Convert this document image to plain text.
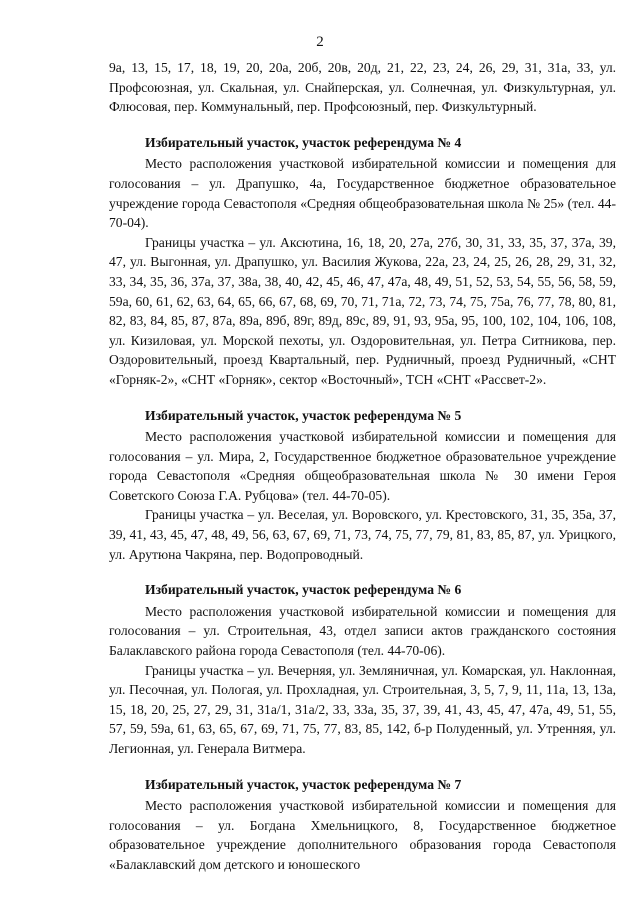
2

9а, 13, 15, 17, 18, 19, 20, 20а, 20б, 20в, 20д, 21, 22, 23, 24, 26, 29, 31, 31а, 33, ул. Профсоюзная, ул. Скальная, ул. Снайперская, ул. Солнечная, ул. Физкультурная, ул. Флюсовая, пер. Коммунальный, пер. Профсоюзный, пер. Физкультурный.

Избирательный участок, участок референдума № 4

Место расположения участковой избирательной комиссии и помещения для голосования – ул. Драпушко, 4а, Государственное бюджетное образовательное учреждение города Севастополя «Средняя общеобразовательная школа № 25» (тел. 44-70-04).

Границы участка – ул. Аксютина, 16, 18, 20, 27а, 27б, 30, 31, 33, 35, 37, 37а, 39, 47, ул. Выгонная, ул. Драпушко, ул. Василия Жукова, 22а, 23, 24, 25, 26, 28, 29, 31, 32, 33, 34, 35, 36, 37а, 37, 38а, 38, 40, 42, 45, 46, 47, 47а, 48, 49, 51, 52, 53, 54, 55, 56, 58, 59, 59а, 60, 61, 62, 63, 64, 65, 66, 67, 68, 69, 70, 71, 71а, 72, 73, 74, 75, 75а, 76, 77, 78, 80, 81, 82, 83, 84, 85, 87, 87а, 89а, 89б, 89г, 89д, 89с, 89, 91, 93, 95а, 95, 100, 102, 104, 106, 108, ул. Кизиловая, ул. Морской пехоты, ул. Оздоровительная, ул. Петра Ситникова, пер. Оздоровительный, проезд Квартальный, пер. Рудничный, проезд Рудничный, «СНТ «Горняк-2», «СНТ «Горняк», сектор «Восточный», ТСН «СНТ «Рассвет-2».

Избирательный участок, участок референдума № 5

Место расположения участковой избирательной комиссии и помещения для голосования – ул. Мира, 2, Государственное бюджетное образовательное учреждение города Севастополя «Средняя общеобразовательная школа № 30 имени Героя Советского Союза Г.А. Рубцова» (тел. 44-70-05).

Границы участка – ул. Веселая, ул. Воровского, ул. Крестовского, 31, 35, 35а, 37, 39, 41, 43, 45, 47, 48, 49, 56, 63, 67, 69, 71, 73, 74, 75, 77, 79, 81, 83, 85, 87, ул. Урицкого, ул. Арутюна Чакряна, пер. Водопроводный.

Избирательный участок, участок референдума № 6

Место расположения участковой избирательной комиссии и помещения для голосования – ул. Строительная, 43, отдел записи актов гражданского состояния Балаклавского района города Севастополя (тел. 44-70-06).

Границы участка – ул. Вечерняя, ул. Земляничная, ул. Комарская, ул. Наклонная, ул. Песочная, ул. Пологая, ул. Прохладная, ул. Строительная, 3, 5, 7, 9, 11, 11а, 13, 13а, 15, 18, 20, 25, 27, 29, 31, 31а/1, 31а/2, 33, 33а, 35, 37, 39, 41, 43, 45, 47, 47а, 49, 51, 55, 57, 59, 59а, 61, 63, 65, 67, 69, 71, 75, 77, 83, 85, 142, б-р Полуденный, ул. Утренняя, ул. Легионная, ул. Генерала Витмера.

Избирательный участок, участок референдума № 7

Место расположения участковой избирательной комиссии и помещения для голосования – ул. Богдана Хмельницкого, 8, Государственное бюджетное образовательное учреждение дополнительного образования города Севастополя «Балаклавский дом детского и юношеского
